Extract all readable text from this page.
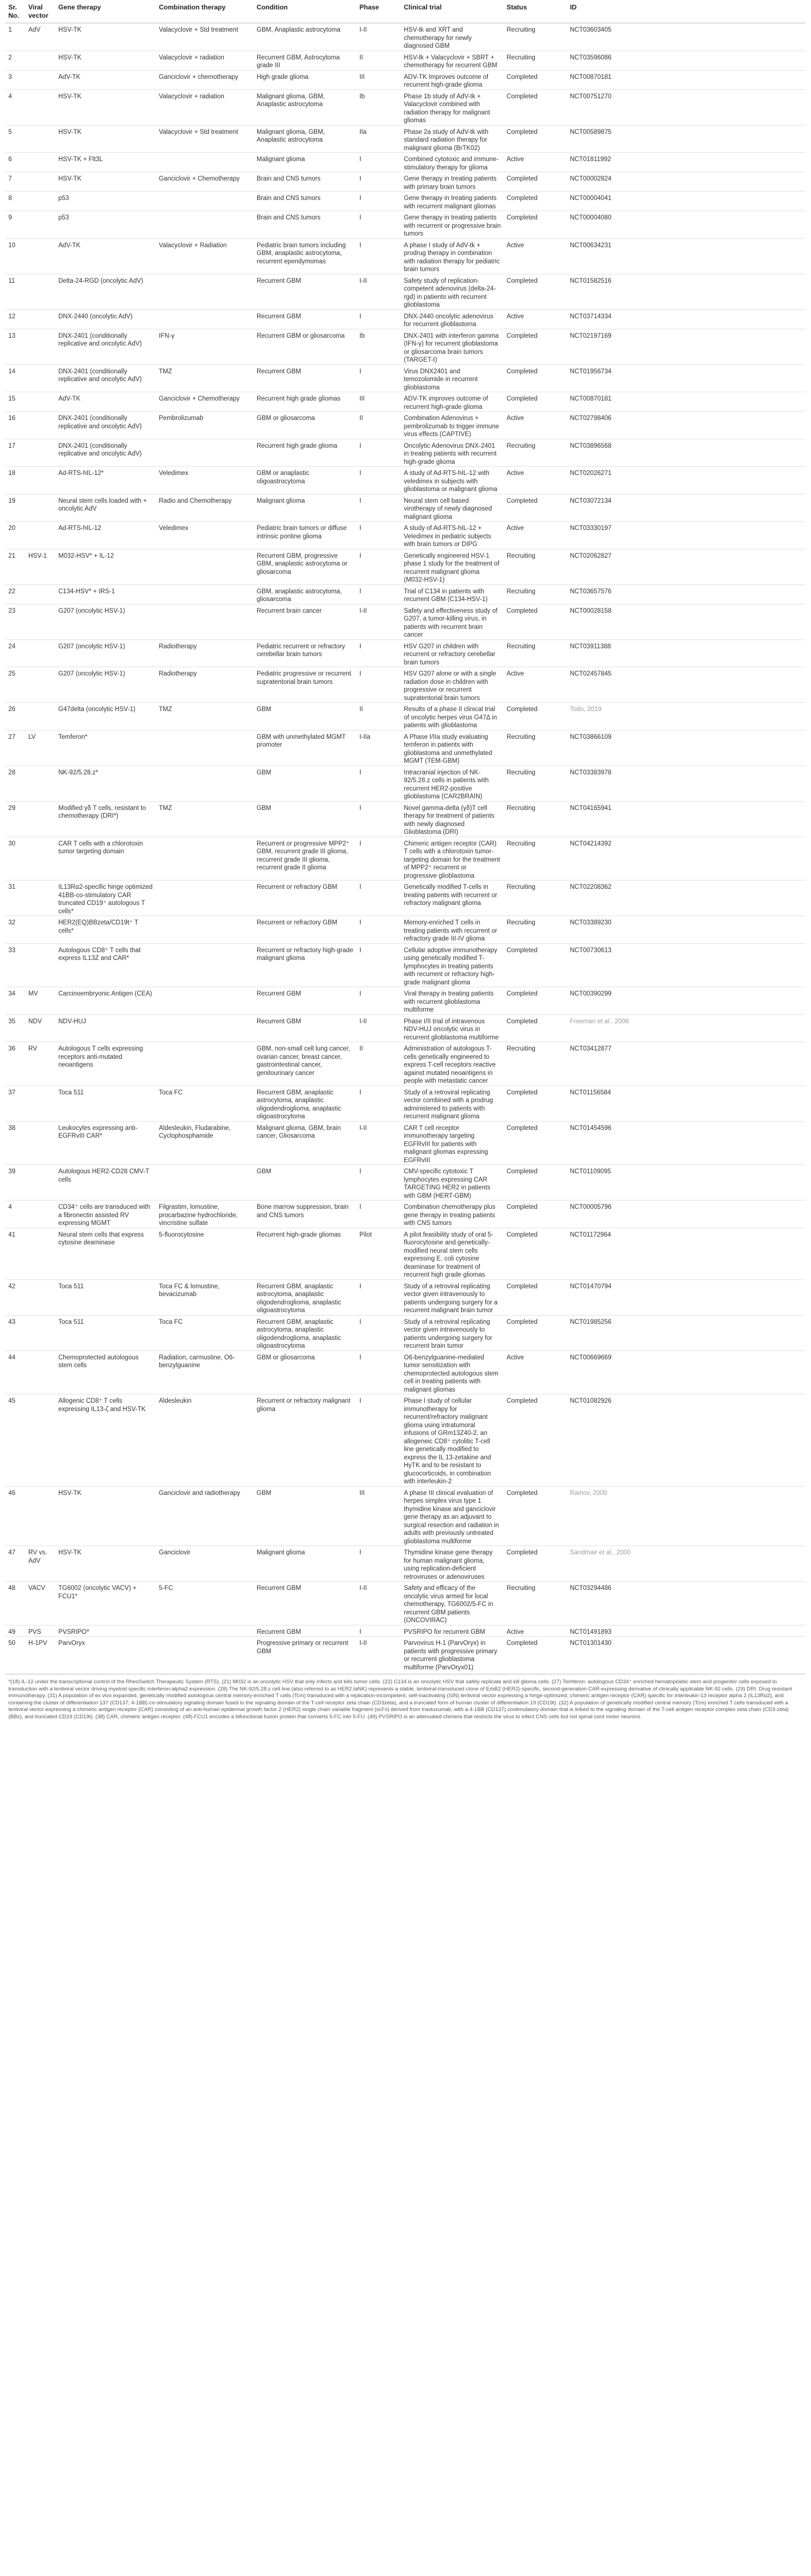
Sr. No.	Viral vector	Gene therapy	Combination therapy	Condition	Phase	Clinical trial	Status	ID
1	AdV	HSV-TK	Valacyclovir + Std treatment	GBM, Anaplastic astrocytoma	I-II	HSV-tk and XRT and chemotherapy for newly diagnosed GBM	Recruiting	NCT03603405
2		HSV-TK	Valacyclovir + radiation	Recurrent GBM, Astrocytoma grade III	II	HSV-tk + Valacyclovir + SBRT + chemotherapy for recurrent GBM	Recruiting	NCT03596086
3		AdV-TK	Ganciclovir + chemotherapy	High grade glioma	III	ADV-TK Improves outcome of recurrent high-grade glioma	Completed	NCT00870181
4		HSV-TK	Valacyclovir + radiation	Malignant glioma, GBM, Anaplastic astrocytoma	Ib	Phase 1b study of AdV-tk + Valacyclovir combined with radiation therapy for malignant gliomas	Completed	NCT00751270
5		HSV-TK	Valacyclovir + Std treatment	Malignant glioma, GBM, Anaplastic astrocytoma	IIa	Phase 2a study of AdV-tk with standard radiation therapy for malignant glioma (BrTK02)	Completed	NCT00589875
6		HSV-TK + Flt3L		Malignant glioma	I	Combined cytotoxic and immune-stimulatory therapy for glioma	Active	NCT01811992
7		HSV-TK	Ganciclovir + Chemotherapy	Brain and CNS tumors	I	Gene therapy in treating patients with primary brain tumors	Completed	NCT00002824
8		p53		Brain and CNS tumors	I	Gene therapy in treating patients with recurrent malignant gliomas	Completed	NCT00004041
9		p53		Brain and CNS tumors	I	Gene therapy in treating patients with recurrent or progressive brain tumors	Completed	NCT00004080
10		AdV-TK	Valacyclovir + Radiation	Pediatric brain tumors including GBM, anaplastic astrocytoma, recurrent ependymomas	I	A phase I study of AdV-tk + prodrug therapy in combination with radiation therapy for pediatric brain tumors	Active	NCT00634231
11		Delta-24-RGD (oncolytic AdV)		Recurrent GBM	I-II	Safety study of replication-competent adenovirus (delta-24-rgd) in patients with recurrent glioblastoma	Completed	NCT01582516
12		DNX-2440 (oncolytic AdV)		Recurrent GBM	I	DNX-2440 oncolytic adenovirus for recurrent glioblastoma	Active	NCT03714334
13		DNX-2401 (conditionally replicative and oncolytic AdV)	IFN-γ	Recurrent GBM or gliosarcoma	Ib	DNX-2401 with interferon gamma (IFN-γ) for recurrent glioblastoma or gliosarcoma brain tumors (TARGET-I)	Completed	NCT02197169
14		DNX-2401 (conditionally replicative and oncolytic AdV)	TMZ	Recurrent GBM	I	Virus DNX2401 and temozolomide in recurrent glioblastoma	Completed	NCT01956734
15		AdV-TK	Ganciclovir + Chemotherapy	Recurrent high grade gliomas	III	ADV-TK improves outcome of recurrent high-grade glioma	Completed	NCT00870181
16		DNX-2401 (conditionally replicative and oncolytic AdV)	Pembrolizumab	GBM or gliosarcoma	II	Combination Adenovirus + pembrolizumab to trigger immune virus effects (CAPTIVE)	Active	NCT02798406
17		DNX-2401 (conditionally replicative and oncolytic AdV)		Recurrent high grade glioma	I	Oncolytic Adenovirus DNX-2401 in treating patients with recurrent high-grade glioma	Recruiting	NCT03896568
18		Ad-RTS-hIL-12*	Veledimex	GBM or anaplastic oligoastrocytoma	I	A study of Ad-RTS-hIL-12 with veledimex in subjects with glioblastoma or malignant glioma	Active	NCT02026271
19		Neural stem cells loaded with + oncolytic AdV	Radio and Chemotherapy	Malignant glioma	I	Neural stem cell based virotherapy of newly diagnosed malignant glioma	Completed	NCT03072134
20		Ad-RTS-hIL-12	Veledimex	Pediatric brain tumors or diffuse intrinsic pontine glioma	I	A study of Ad-RTS-hIL-12 + Veledimex in pediatric subjects with brain tumors or DIPG	Active	NCT03330197
21	HSV-1	M032-HSV* + IL-12		Recurrent GBM, progressive GBM, anaplastic astrocytoma or gliosarcoma	I	Genetically engineered HSV-1 phase 1 study for the treatment of recurrent malignant glioma (M032-HSV-1)	Recruiting	NCT02062827
22		C134-HSV* + IRS-1		GBM, anaplastic astrocytoma, gliosarcoma	I	Trial of C134 in patients with recurrent GBM (C134-HSV-1)	Recruiting	NCT03657576
23		G207 (oncolytic HSV-1)		Recurrent brain cancer	I-II	Safety and effectiveness study of G207, a tumor-killing virus, in patients with recurrent brain cancer	Completed	NCT00028158
24		G207 (oncolytic HSV-1)	Radiotherapy	Pediatric recurrent or refractory cerebellar brain tumors	I	HSV G207 in children with recurrent or refractory cerebellar brain tumors	Recruiting	NCT03911388
25		G207 (oncolytic HSV-1)	Radiotherapy	Pediatric progressive or recurrent supratentorial brain tumors	I	HSV G207 alone or with a single radiation dose in children with progressive or recurrent supratentorial brain tumors	Active	NCT02457845
26		G47delta (oncolytic HSV-1)	TMZ	GBM	II	Results of a phase II clinical trial of oncolytic herpes virus G47Δ in patients with glioblastoma	Completed	Todo, 2019
27	LV	Temferon*		GBM with unmethylated MGMT promoter	I-IIa	A Phase I/IIa study evaluating temferon in patients with glioblastoma and unmethylated MGMT (TEM-GBM)	Recruiting	NCT03866109
28		NK-92/5.28.z*		GBM	I	Intracranial injection of NK-92/5.28.z cells in patients with recurrent HER2-positive glioblastoma (CAR2BRAIN)	Recruiting	NCT03383978
29		Modified γδ T cells, resistant to chemotherapy (DRI*)	TMZ	GBM	I	Novel gamma-delta (γδ)T cell therapy for treatment of patients with newly diagnosed Glioblastoma (DRI)	Recruiting	NCT04165941
30		CAR T cells with a chlorotoxin tumor targeting domain		Recurrent or progressive MPP2⁺ GBM, recurrent grade III glioma, recurrent grade III glioma, recurrent grade II glioma	I	Chimeric antigen receptor (CAR) T cells with a chlorotoxin tumor-targeting domain for the treatment of MPP2⁺ recurrent or progressive glioblastoma	Recruiting	NCT04214392
31		IL13Rα2-specific hinge optimized 41BB-co-stimulatory CAR truncated CD19⁺ autologous T cells*		Recurrent or refractory GBM	I	Genetically modified T-cells in treating patients with recurrent or refractory malignant glioma	Recruiting	NCT02208362
32		HER2(EQ)BBzeta/CD19t⁺ T cells*		Recurrent or refractory GBM	I	Memory-enriched T cells in treating patients with recurrent or refractory grade III-IV glioma	Recruiting	NCT03389230
33		Autologous CD8⁺ T cells that express IL13Z and CAR*		Recurrent or refractory high-grade malignant glioma	I	Cellular adoptive immunotherapy using genetically modified T-lymphocytes in treating patients with recurrent or refractory high-grade malignant glioma	Completed	NCT00730613
34	MV	Carcinoembryonic Antigen (CEA)		Recurrent GBM	I	Viral therapy in treating patients with recurrent glioblastoma multiforme	Completed	NCT00390299
35	NDV	NDV-HUJ		Recurrent GBM	I-II	Phase I/II trial of intravenous NDV-HUJ oncolytic virus in recurrent glioblastoma multiforme	Completed	Freeman et al., 2006
36	RV	Autologous T cells expressing receptors anti-mutated neoantigens		GBM, non-small cell lung cancer, ovarian cancer, breast cancer, gastrointestinal cancer, genitourinary cancer	II	Administration of autologous T-cells genetically engineered to express T-cell receptors reactive against mutated neoantigens in people with metastatic cancer	Recruiting	NCT03412877
37		Toca 511	Toca FC	Recurrent GBM, anaplastic astrocytoma, anaplastic oligodendroglioma, anaplastic oligoastrocytoma	I	Study of a retroviral replicating vector combined with a prodrug administered to patients with recurrent malignant glioma	Completed	NCT01156584
38		Leukocytes expressing anti-EGFRvIII CAR*	Aldesleukin, Fludarabine, Cyclophosphamide	Malignant glioma, GBM, brain cancer, Gliosarcoma	I-II	CAR T cell receptor immunotherapy targeting EGFRvIII for patients with malignant gliomas expressing EGFRvIII	Completed	NCT01454596
39		Autologous HER2-CD28 CMV-T cells		GBM	I	CMV-specific cytotoxic T lymphocytes expressing CAR TARGETING HER2 in patients with GBM (HERT-GBM)	Completed	NCT01109095
4		CD34⁺ cells are transduced with a fibronectin assisted RV expressing MGMT	Filgrastim, lomustine, procarbazine hydrochloride, vincristine sulfate	Bone marrow suppression, brain and CNS tumors	I	Combination chemotherapy plus gene therapy in treating patients with CNS tumors	Completed	NCT00005796
41		Neural stem cells that express cytosine deaminase	5-fluorocytosine	Recurrent high-grade gliomas	Pilot	A pilot feasibility study of oral 5-fluorocytosine and genetically-modified neural stem cells expressing E. coli cytosine deaminase for treatment of recurrent high grade gliomas	Completed	NCT01172964
42		Toca 511	Toca FC & lomustine, bevacizumab	Recurrent GBM, anaplastic astrocytoma, anaplastic oligodendroglioma, anaplastic oligoastrocytoma	I	Study of a retroviral replicating vector given intravenously to patients undergoing surgery for a recurrent malignant brain tumor	Completed	NCT01470794
43		Toca 511	Toca FC	Recurrent GBM, anaplastic astrocytoma, anaplastic oligodendroglioma, anaplastic oligoastrocytoma	I	Study of a retroviral replicating vector given intravenously to patients undergoing surgery for recurrent brain tumor	Completed	NCT01985256
44		Chemoprotected autologous stem cells	Radiation, carmustine, O6-benzylguanine	GBM or gliosarcoma	I	O6-benzylguanine-mediated tumor sensitization with chemoprotected autologous stem cell in treating patients with malignant gliomas	Active	NCT00669669
45		Allogenic CD8⁺ T cells expressing IL13-ζ and HSV-TK	Aldesleukin	Recurrent or refractory malignant glioma	I	Phase I study of cellular immunotherapy for recurrent/refractory malignant glioma using intratumoral infusions of GRm13Z40-2, an allogeneic CD8⁺ cytolitic T-cell line genetically modified to express the IL 13-zetakine and HyTK and to be resistant to glucocorticoids, in combination with interleukin-2	Completed	NCT01082926
46		HSV-TK	Ganciclovir and radiotherapy	GBM	III	A phase III clinical evaluation of herpes simplex virus type 1 thymidine kinase and ganciclovir gene therapy as an adjuvant to surgical resection and radiation in adults with previously untreated glioblastoma multiforme	Completed	Rainov, 2000
47	RV vs. AdV	HSV-TK	Ganciclovir	Malignant glioma	I	Thymidine kinase gene therapy for human malignant glioma, using replication-deficient retroviruses or adenoviruses	Completed	Sandmair et al., 2000
48	VACV	TG6002 (oncolytic VACV) + FCU1*	5-FC	Recurrent GBM	I-II	Safety and efficacy of the oncolytic virus armed for local chemotherapy, TG6002/5-FC in recurrent GBM patients (ONCOVIRAC)	Recruiting	NCT03294486
49	PVS	PVSRIPO*		Recurrent GBM	I	PVSRIPO for recurrent GBM	Active	NCT01491893
50	H-1PV	ParvOryx		Progressive primary or recurrent GBM	I-II	Parvovirus H-1 (ParvOryx) in patients with progressive primary or recurrent glioblastoma multiforme (ParvOryx01)	Completed	NCT01301430
*(18) IL-12 under the transcriptional control of the RheoSwitch Therapeutic System (RTS). (21) M032 is an oncolytic HSV that only infects and kills tumor cells. (22) C134 is an oncolytic HSV that safely replicate and kill glioma cells. (27) Temferon: autologous CD34⁺ enriched hematopoietic stem and progenitor cells exposed to transduction with a lentiviral vector driving myeloid specific interferon-alpha2 expression. (28) The NK-92/5.28.z cell line (also referred to as HER2.taNK) represents a stable, lentiviral-transduced clone of ErbB2 (HER2)-specific, second-generation CAR-expressing derivative of clinically applicable NK-92 cells. (29) DRI: Drug resistant immunotherapy. (31) A population of ex vivo expanded, genetically modified autologous central memory-enriched T cells (Tcm) transduced with a replication-incompetent, self-inactivating (SIN) lentiviral vector expressing a hinge-optimized, chimeric antigen receptor (CAR) specific for interleukin-13 receptor alpha 2 (IL13Rα2), and containing the cluster of differentiation 137 (CD137; 4-1BB) co-stimulatory signaling domain fused to the signaling domain of the T-cell receptor zeta chain (CD3zeta), and a truncated form of human cluster of differentiation 19 (CD19t). (32) A population of genetically modified central memory (Tcm) enriched T cells transduced with a lentiviral vector expressing a chimeric antigen receptor (CAR) consisting of an anti-human epidermal growth factor 2 (HER2) single chain variable fragment (scFv) derived from trastuzumab, with a 4-1BB (CD137) costimulatory domain that is linked to the signaling domain of the T-cell antigen receptor complex zeta chain (CD3-zeta) (BBz), and truncated CD19 (CD19t). (38) CAR, chimeric antigen receptor. (48) FCU1 encodes a bifunctional fusion protein that converts 5-FC into 5-FU. (49) PVSRIPO is an attenuated chimera that restricts the virus to infect CNS cells but not spinal cord motor neurons.
